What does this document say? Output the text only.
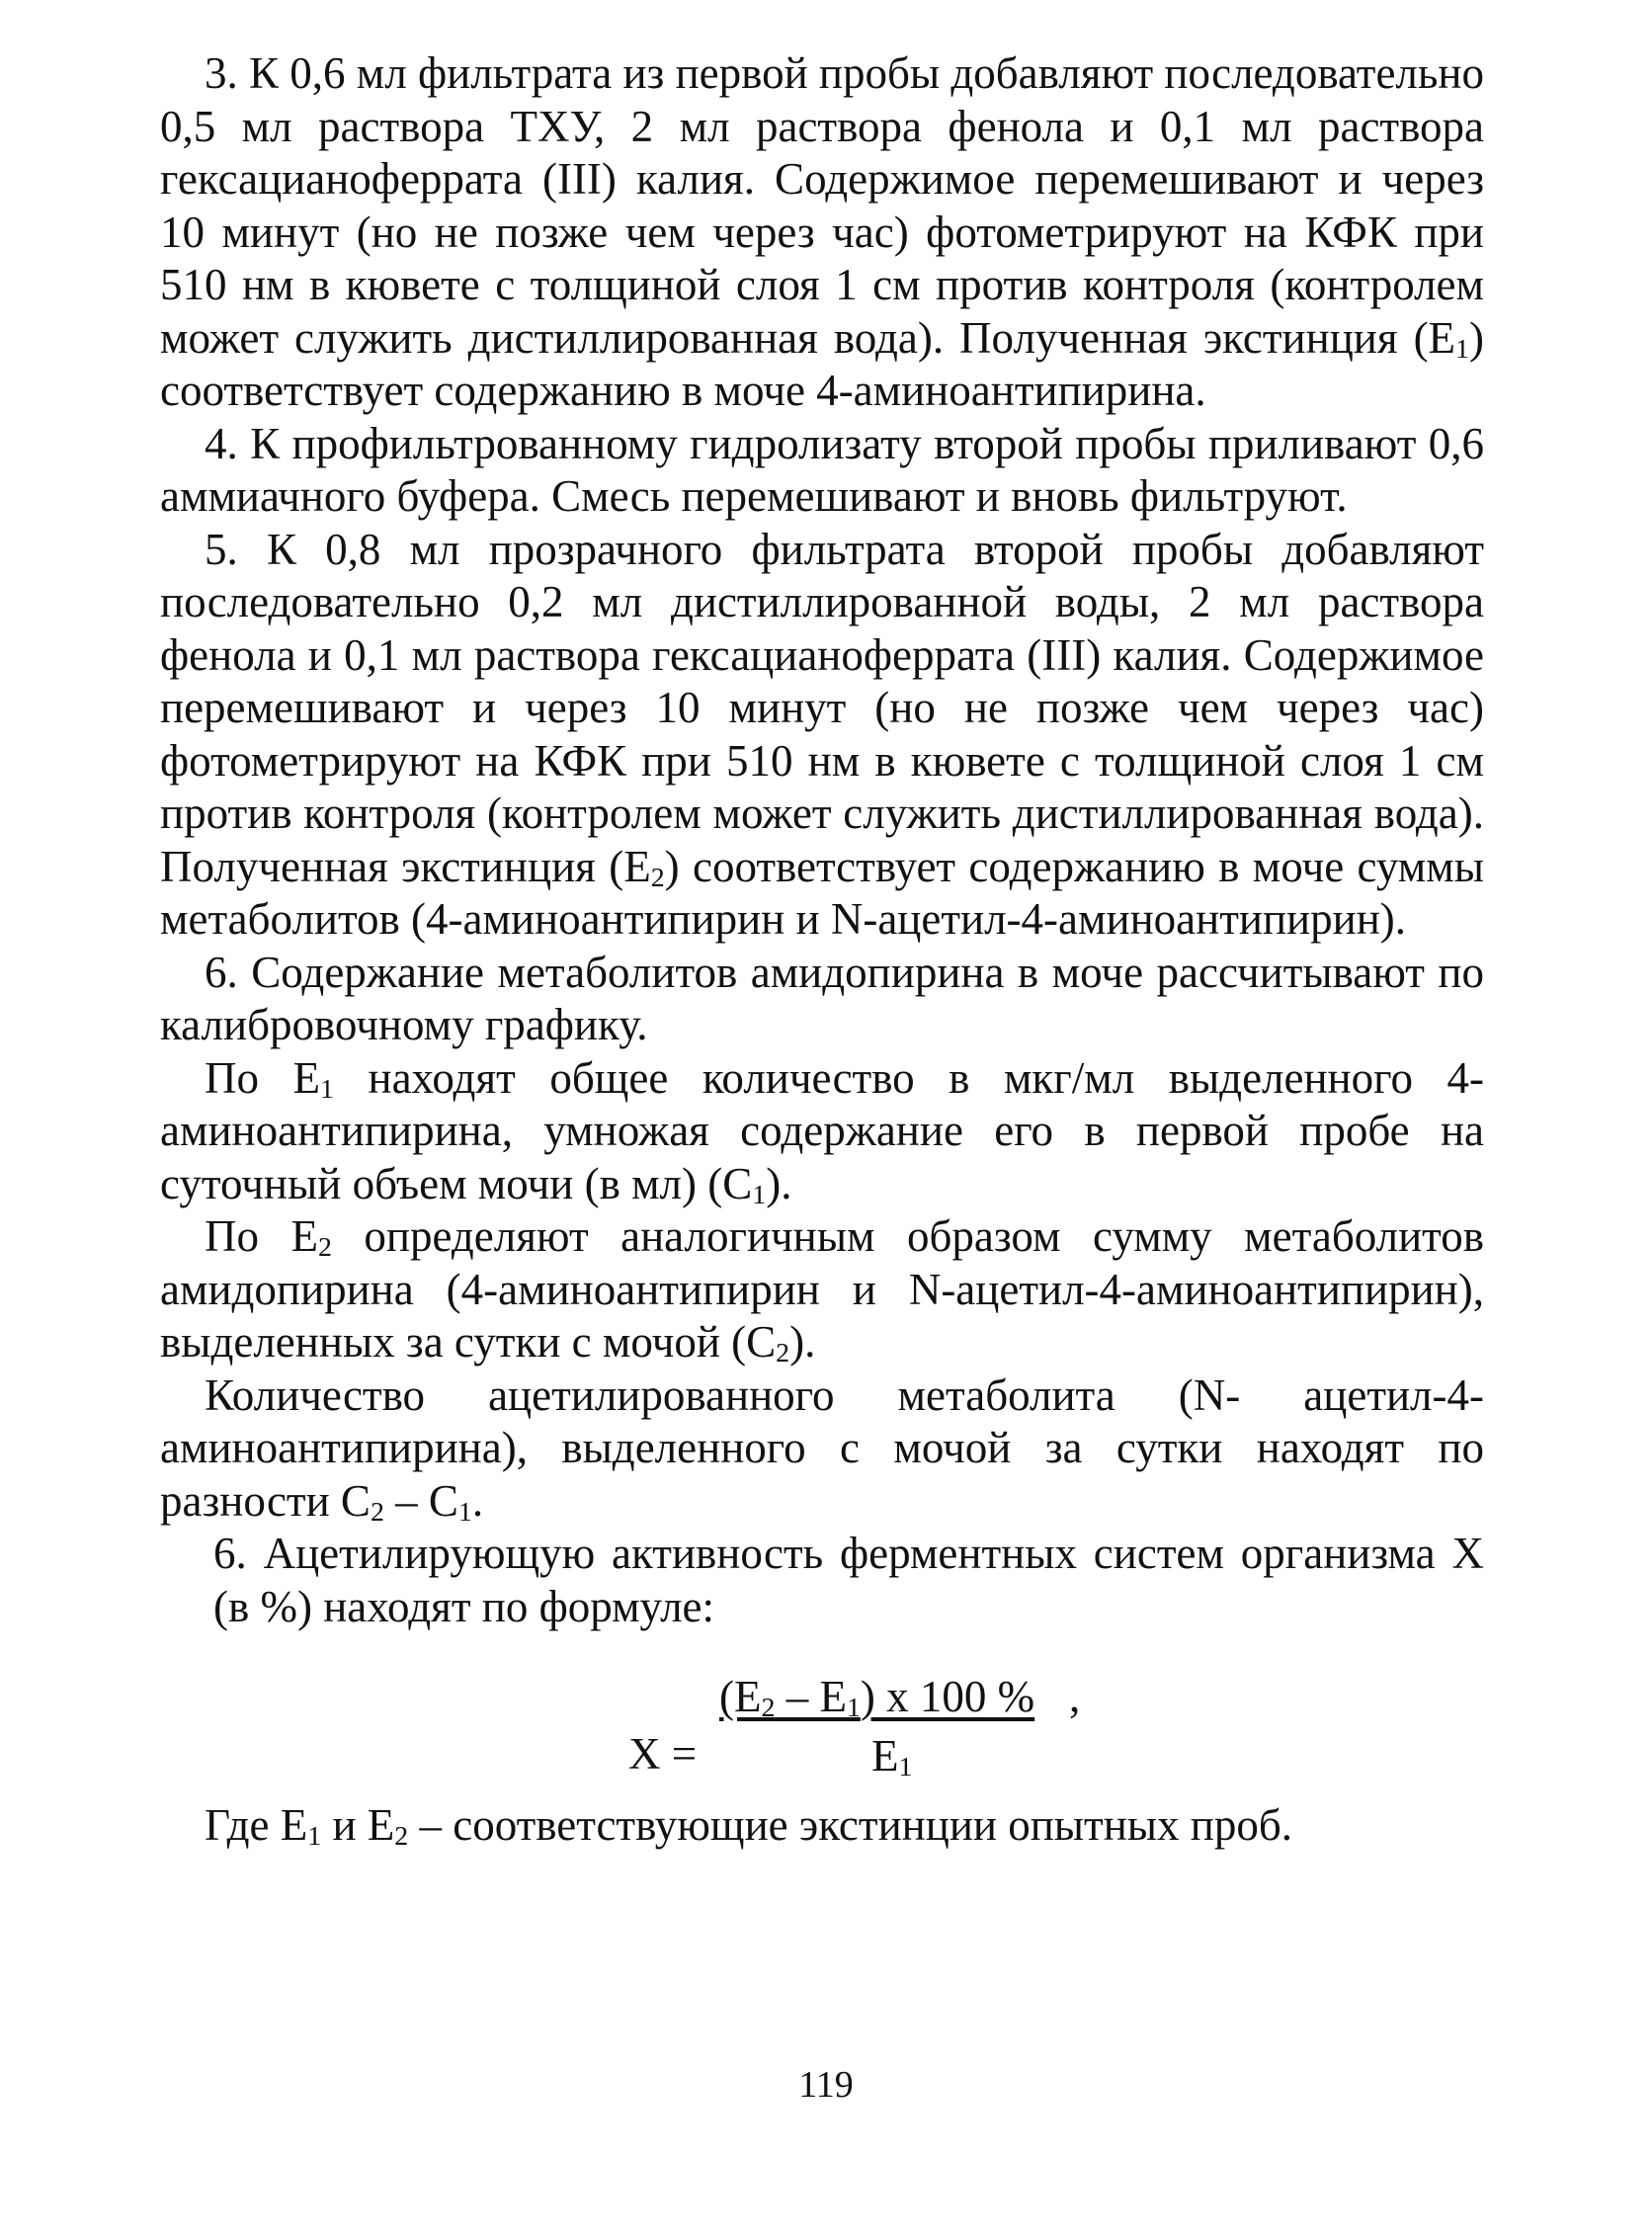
3. К 0,6 мл фильтрата из первой пробы добавляют последовательно 0,5 мл раствора ТХУ, 2 мл раствора фенола и 0,1 мл раствора гексацианоферрата (III) калия. Содержимое перемешивают и через 10 минут (но не позже чем через час) фотометрируют на КФК при 510 нм в кювете с толщиной слоя 1 см против контроля (контролем может служить дистиллированная вода). Полученная экстинция $(E_1)$ соответствует содержанию в моче 4-аминоантипирина.

4. К профильтрованному гидролизату второй пробы приливают 0,6 аммиачного буфера. Смесь перемешивают и вновь фильтруют.

5. К 0,8 мл прозрачного фильтрата второй пробы добавляют последовательно 0,2 мл дистиллированной воды, 2 мл раствора фенола и 0,1 мл раствора гексацианоферрата (III) калия. Содержимое перемешивают и через 10 минут (но не позже чем через час) фотометрируют на КФК при 510 нм в кювете с толщиной слоя 1 см против контроля (контролем может служить дистиллированная вода). Полученная экстинция $(E_2)$ соответствует содержанию в моче суммы метаболитов (4-аминоантипирин и N-ацетил-4-аминоантипирин).

6. Содержание метаболитов амидопирина в моче рассчитывают по калибровочному графику.

По $E_1$ находят общее количество в мкг/мл выделенного 4-аминоантипирина, умножая содержание его в первой пробе на суточный объем мочи (в мл) $(C_1)$.

По $E_2$ определяют аналогичным образом сумму метаболитов амидопирина (4-аминоантипирин и N-ацетил-4-аминоантипирин), выделенных за сутки с мочой $(C_2)$.

Количество ацетилированного метаболита (N- ацетил-4-аминоантипирина), выделенного с мочой за сутки находят по разности $C_2 - C_1$.

6. Ацетилирующую активность ферментных систем организма X (в %) находят по формуле:

X =
$(E_2 - E_1)$ x 100 % ,
$E_1$

Где $E_1$ и $E_2$ – соответствующие экстинции опытных проб.

119
